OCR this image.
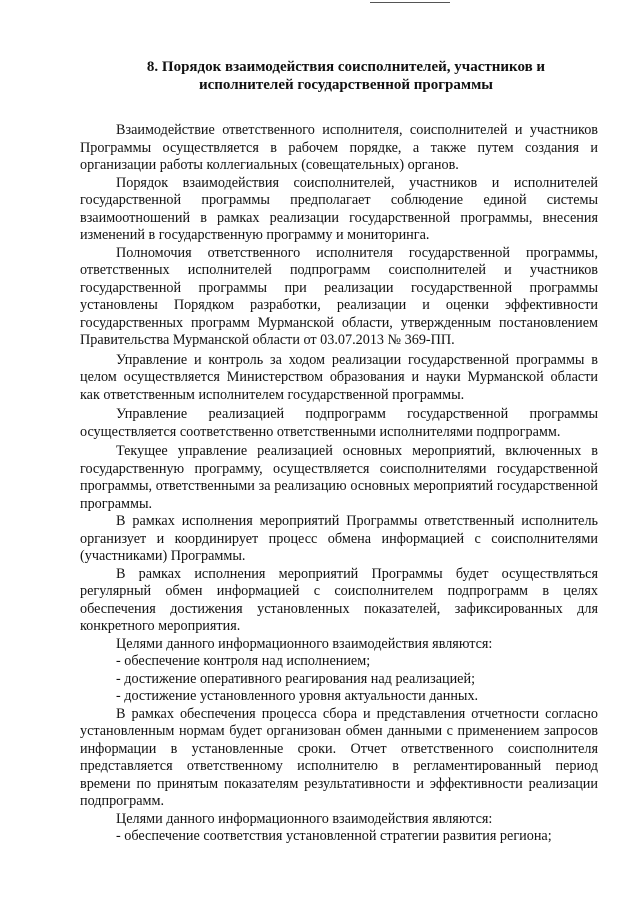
8. Порядок взаимодействия соисполнителей, участников и
исполнителей государственной программы

Взаимодействие ответственного исполнителя, соисполнителей и участников Программы осуществляется в рабочем порядке, а также путем создания и организации работы коллегиальных (совещательных) органов.

Порядок взаимодействия соисполнителей, участников и исполнителей государственной программы предполагает соблюдение единой системы взаимоотношений в рамках реализации государственной программы, внесения изменений в государственную программу и мониторинга.

Полномочия ответственного исполнителя государственной программы, ответственных исполнителей подпрограмм соисполнителей и участников государственной программы при реализации государственной программы установлены Порядком разработки, реализации и оценки эффективности государственных программ Мурманской области, утвержденным постановлением Правительства Мурманской области от 03.07.2013 № 369-ПП.

Управление и контроль за ходом реализации государственной программы в целом осуществляется Министерством образования и науки Мурманской области как ответственным исполнителем государственной программы.

Управление реализацией подпрограмм государственной программы осуществляется соответственно ответственными исполнителями подпрограмм.

Текущее управление реализацией основных мероприятий, включенных в государственную программу, осуществляется соисполнителями государственной программы, ответственными за реализацию основных мероприятий государственной программы.

В рамках исполнения мероприятий Программы ответственный исполнитель организует и координирует процесс обмена информацией с соисполнителями (участниками) Программы.

В рамках исполнения мероприятий Программы будет осуществляться регулярный обмен информацией с соисполнителем подпрограмм в целях обеспечения достижения установленных показателей, зафиксированных для конкретного мероприятия.

Целями данного информационного взаимодействия являются:

- обеспечение контроля над исполнением;

- достижение оперативного реагирования над реализацией;

- достижение установленного уровня актуальности данных.

В рамках обеспечения процесса сбора и представления отчетности согласно установленным нормам будет организован обмен данными с применением запросов информации в установленные сроки. Отчет ответственного соисполнителя представляется ответственному исполнителю в регламентированный период времени по принятым показателям результативности и эффективности реализации подпрограмм.

Целями данного информационного взаимодействия являются:

- обеспечение соответствия установленной стратегии развития региона;
